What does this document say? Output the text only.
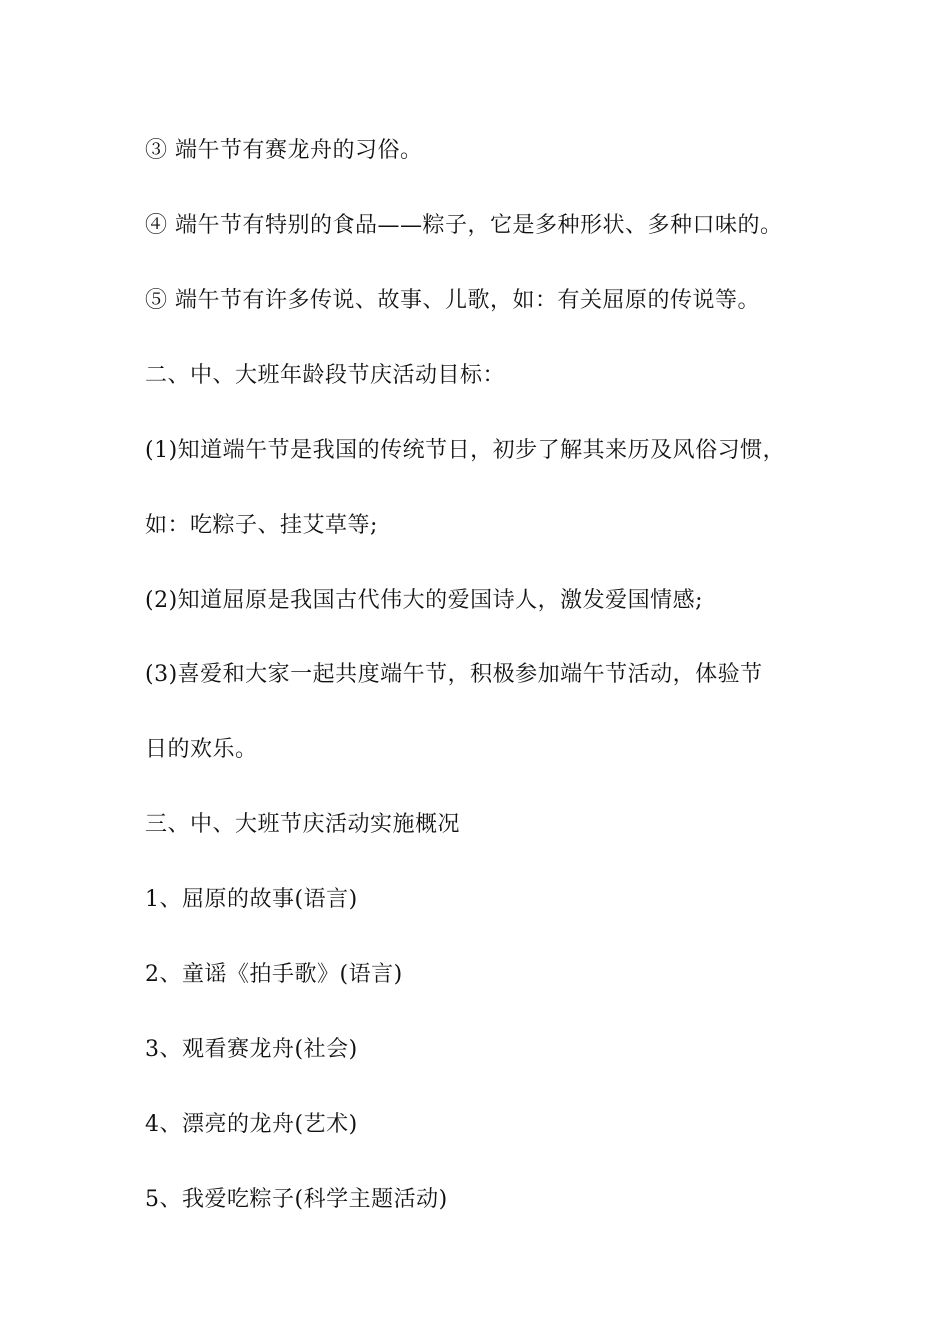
③ 端午节有赛龙舟的习俗。
④ 端午节有特别的食品——粽子，它是多种形状、多种口味的。
⑤ 端午节有许多传说、故事、儿歌，如：有关屈原的传说等。
二、中、大班年龄段节庆活动目标：
(1)知道端午节是我国的传统节日，初步了解其来历及风俗习惯，
如：吃粽子、挂艾草等;
(2)知道屈原是我国古代伟大的爱国诗人，激发爱国情感;
(3)喜爱和大家一起共度端午节，积极参加端午节活动，体验节
日的欢乐。
三、中、大班节庆活动实施概况
1、屈原的故事(语言)
2、童谣《拍手歌》(语言)
3、观看赛龙舟(社会)
4、漂亮的龙舟(艺术)
5、我爱吃粽子(科学主题活动)
